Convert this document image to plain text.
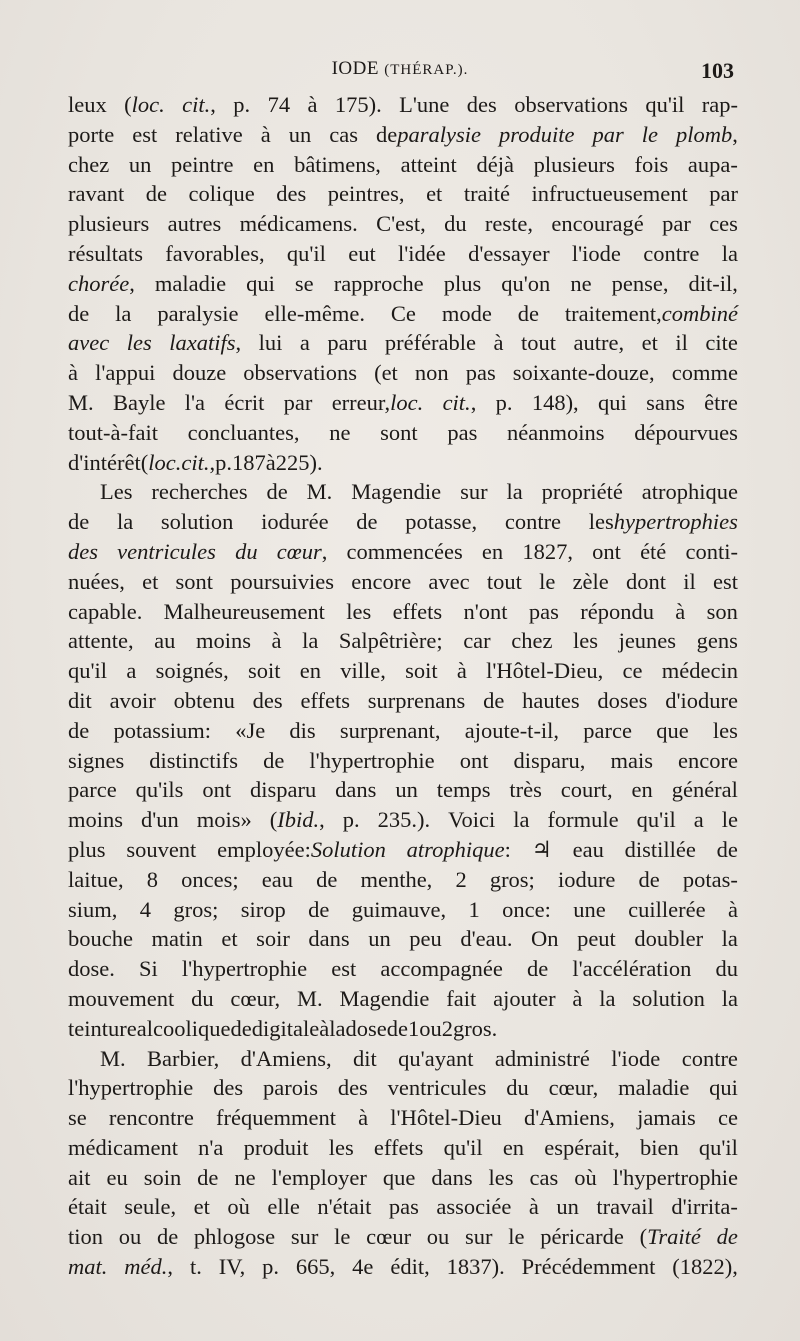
IODE (THÉRAP.).	103
leux (loc. cit., p. 74 à 175). L'une des observations qu'il rap-
porte est relative à un cas deparalysie produite par le plomb,
chez un peintre en bâtimens, atteint déjà plusieurs fois aupa-
ravant de colique des peintres, et traité infructueusement par
plusieurs autres médicamens. C'est, du reste, encouragé par ces
résultats favorables, qu'il eut l'idée d'essayer l'iode contre la
chorée, maladie qui se rapproche plus qu'on ne pense, dit-il,
de la paralysie elle-même. Ce mode de traitement,combiné
avec les laxatifs, lui a paru préférable à tout autre, et il cite
à l'appui douze observations (et non pas soixante-douze, comme
M. Bayle l'a écrit par erreur,loc. cit., p. 148), qui sans être
tout-à-fait concluantes, ne sont pas néanmoins dépourvues
d'intérêt (loc. cit., p. 187 à 225).
Les recherches de M. Magendie sur la propriété atrophique
de la solution iodurée de potasse, contre leshypertrophies
des ventricules du cœur, commencées en 1827, ont été conti-
nuées, et sont poursuivies encore avec tout le zèle dont il est
capable. Malheureusement les effets n'ont pas répondu à son
attente, au moins à la Salpêtrière; car chez les jeunes gens
qu'il a soignés, soit en ville, soit à l'Hôtel-Dieu, ce médecin
dit avoir obtenu des effets surprenans de hautes doses d'iodure
de potassium: «Je dis surprenant, ajoute-t-il, parce que les
signes distinctifs de l'hypertrophie ont disparu, mais encore
parce qu'ils ont disparu dans un temps très court, en général
moins d'un mois» (Ibid., p. 235.). Voici la formule qu'il a le
plus souvent employée:Solution atrophique: ♃ eau distillée de
laitue, 8 onces; eau de menthe, 2 gros; iodure de potas-
sium, 4 gros; sirop de guimauve, 1 once: une cuillerée à
bouche matin et soir dans un peu d'eau. On peut doubler la
dose. Si l'hypertrophie est accompagnée de l'accélération du
mouvement du cœur, M. Magendie fait ajouter à la solution la
teinture alcoolique de digitale à la dose de 1 ou 2 gros.
M. Barbier, d'Amiens, dit qu'ayant administré l'iode contre
l'hypertrophie des parois des ventricules du cœur, maladie qui
se rencontre fréquemment à l'Hôtel-Dieu d'Amiens, jamais ce
médicament n'a produit les effets qu'il en espérait, bien qu'il
ait eu soin de ne l'employer que dans les cas où l'hypertrophie
était seule, et où elle n'était pas associée à un travail d'irrita-
tion ou de phlogose sur le cœur ou sur le péricarde (Traité de
mat. méd., t. IV, p. 665, 4e édit, 1837). Précédemment (1822),
